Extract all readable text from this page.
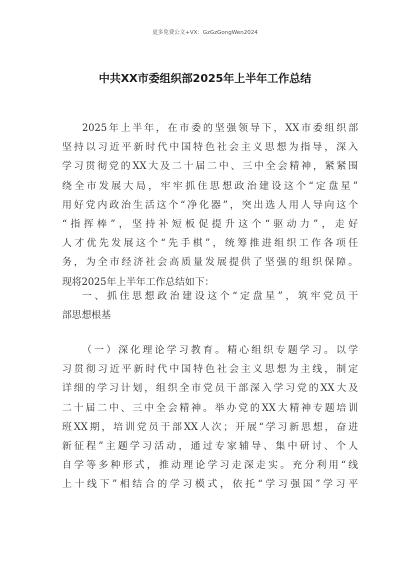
更多免费公文+VX：GzGzGongWen2024
中共XX市委组织部2025年上半年工作总结
2025年上半年，在市委的坚强领导下，XX市委组织部
坚持以习近平新时代中国特色社会主义思想为指导，深入
学习贯彻党的XX大及二十届二中、三中全会精神，紧紧围
绕全市发展大局，牢牢抓住思想政治建设这个“定盘星”
用好党内政治生活这个“净化器”，突出选人用人导向这个
“指挥棒”，坚持补短板促提升这个“驱动力”，走好
人才优先发展这个“先手棋”，统筹推进组织工作各项任
务，为全市经济社会高质量发展提供了坚强的组织保障。
现将2025年上半年工作总结如下：
一、抓住思想政治建设这个“定盘星”，筑牢党员干
部思想根基
（一）深化理论学习教育。精心组织专题学习。以学
习贯彻习近平新时代中国特色社会主义思想为主线，制定
详细的学习计划，组织全市党员干部深入学习党的XX大及
二十届二中、三中全会精神。举办党的XX大精神专题培训
班XX期，培训党员干部XX人次；开展“学习新思想，奋进
新征程”主题学习活动，通过专家辅导、集中研讨、个人
自学等多种形式，推动理论学习走深走实。充分利用“线
上十线下”相结合的学习模式，依托“学习强国”学习平
